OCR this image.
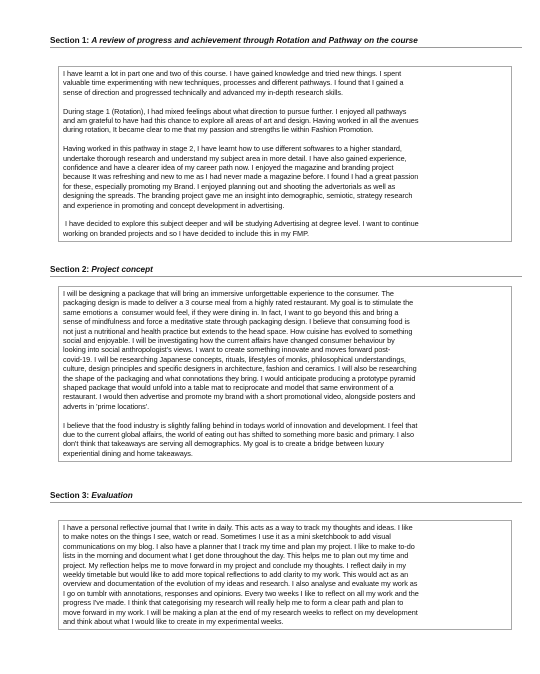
Section 1: A review of progress and achievement through Rotation and Pathway on the course

I have learnt a lot in part one and two of this course. I have gained knowledge and tried new things. I spent
valuable time experimenting with new techniques, processes and different pathways. I found that I gained a
sense of direction and progressed technically and advanced my in-depth research skills.

During stage 1 (Rotation), I had mixed feelings about what direction to pursue further. I enjoyed all pathways
and am grateful to have had this chance to explore all areas of art and design. Having worked in all the avenues
during rotation, It became clear to me that my passion and strengths lie within Fashion Promotion.

Having worked in this pathway in stage 2, I have learnt how to use different softwares to a higher standard,
undertake thorough research and understand my subject area in more detail. I have also gained experience,
confidence and have a clearer idea of my career path now. I enjoyed the magazine and branding project
because It was refreshing and new to me as I had never made a magazine before. I found I had a great passion
for these, especially promoting my Brand. I enjoyed planning out and shooting the advertorials as well as
designing the spreads. The branding project gave me an insight into demographic, semiotic, strategy research
and experience in promoting and concept development in advertising.

I have decided to explore this subject deeper and will be studying Advertising at degree level. I want to continue
working on branded projects and so I have decided to include this in my FMP.

Section 2: Project concept

I will be designing a package that will bring an immersive unforgettable experience to the consumer. The
packaging design is made to deliver a 3 course meal from a highly rated restaurant. My goal is to stimulate the
same emotions a  consumer would feel, if they were dining in. In fact, I want to go beyond this and bring a
sense of mindfulness and force a meditative state through packaging design. I believe that consuming food is
not just a nutritional and health practice but extends to the head space. How cuisine has evolved to something
social and enjoyable. I will be investigating how the current affairs have changed consumer behaviour by
looking into social anthropologist's views. I want to create something innovate and moves forward post-
covid-19. I will be researching Japanese concepts, rituals, lifestyles of monks, philosophical understandings,
culture, design principles and specific designers in architecture, fashion and ceramics. I will also be researching
the shape of the packaging and what connotations they bring. I would anticipate producing a prototype pyramid
shaped package that would unfold into a table mat to reciprocate and model that same environment of a
restaurant. I would then advertise and promote my brand with a short promotional video, alongside posters and
adverts in 'prime locations'.

I believe that the food industry is slightly falling behind in todays world of innovation and development. I feel that
due to the current global affairs, the world of eating out has shifted to something more basic and primary. I also
don't think that takeaways are serving all demographics. My goal is to create a bridge between luxury
experiential dining and home takeaways.

Section 3: Evaluation

I have a personal reflective journal that I write in daily. This acts as a way to track my thoughts and ideas. I like
to make notes on the things I see, watch or read. Sometimes I use it as a mini sketchbook to add visual
communications on my blog. I also have a planner that I track my time and plan my project. I like to make to-do
lists in the morning and document what I get done throughout the day. This helps me to plan out my time and
project. My reflection helps me to move forward in my project and conclude my thoughts. I reflect daily in my
weekly timetable but would like to add more topical reflections to add clarity to my work. This would act as an
overview and documentation of the evolution of my ideas and research. I also analyse and evaluate my work as
I go on tumblr with annotations, responses and opinions. Every two weeks I like to reflect on all my work and the
progress I've made. I think that categorising my research will really help me to form a clear path and plan to
move forward in my work. I will be making a plan at the end of my research weeks to reflect on my development
and think about what I would like to create in my experimental weeks.
